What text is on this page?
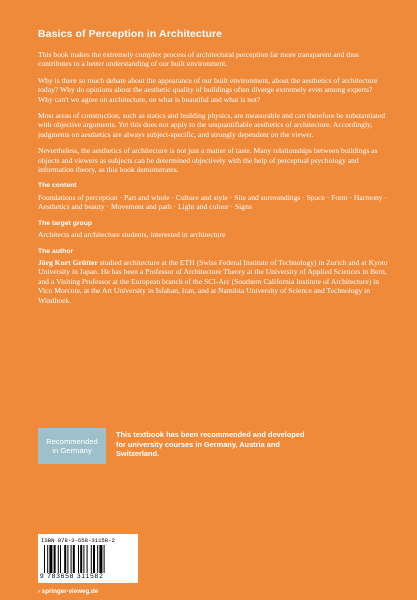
Basics of Perception in Architecture

This book makes the extremely complex process of architectural perception far more transparent and thus contributes to a better understanding of our built environment.

Why is there so much debate about the appearance of our built environment, about the aesthetics of architecture today? Why do opinions about the aesthetic quality of buildings often diverge extremely even among experts? Why can't we agree on architecture, on what is beautiful and what is not?

Most areas of construction, such as statics and building physics, are measurable and can therefore be substantiated with objective arguments. Yet this does not apply to the unquantifiable aesthetics of architecture. Accordingly, judgments on aesthetics are always subject-specific, and strongly dependent on the viewer.

Nevertheless, the aesthetics of architecture is not just a matter of taste. Many relationships between buildings as objects and viewers as subjects can be determined objectively with the help of perceptual psychology and information theory, as this book demonstrates.

The content

Foundations of perception · Part and whole · Culture and style · Site and surroundings · Space · Form · Harmony · Aesthetics and beauty · Movement and path · Light and colour · Signs

The target group

Architects and architecture students, interested in architecture

The author

Jörg Kurt Grütter studied architecture at the ETH (Swiss Federal Institute of Technology) in Zurich and at Kyoto University in Japan. He has been a Professor of Architecture Theory at the University of Applied Sciences in Bern, and a Visiting Professor at the European branch of the SCI-Arc (Southern California Institute of Architecture) in Vico Morcote, at the Art University in Isfahan, Iran, and at Namibia University of Science and Technology in Windhoek.

Recommended
in Germany
This textbook has been recommended and developed for university courses in Germany, Austria and Switzerland.
ISBN 978-3-658-31158-2
9 783658 311582
› springer-vieweg.de
